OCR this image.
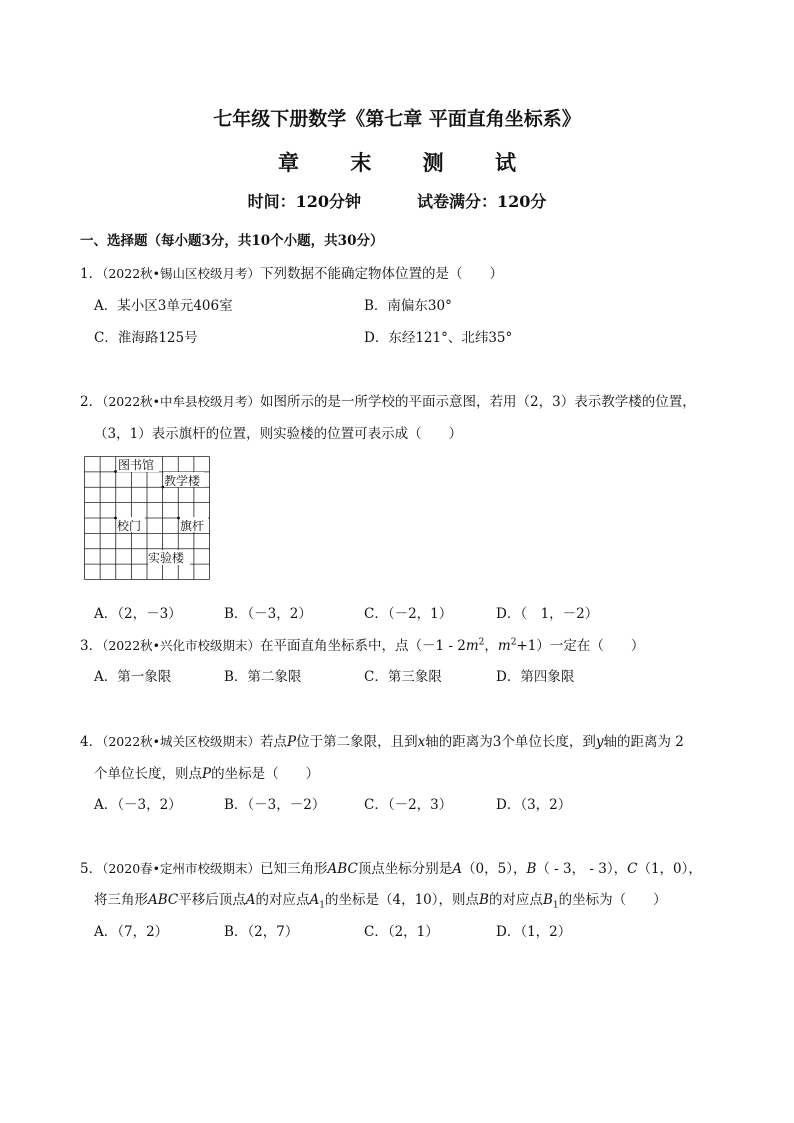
七年级下册数学《第七章 平面直角坐标系》
章 末 测 试
时间：120分钟	试卷满分：120分
一、选择题（每小题3分，共10个小题，共30分）
1．（2022秋•锡山区校级月考）下列数据不能确定物体位置的是（　　）
A．某小区3单元406室	B．南偏东30°
C．淮海路125号	D．东经121°、北纬35°
2．（2022秋•中牟县校级月考）如图所示的是一所学校的平面示意图，若用（2，3）表示教学楼的位置，
（3，1）表示旗杆的位置，则实验楼的位置可表示成（　　）
图书馆
教学楼
校门	旗杆
实验楼
A．（2，－3）	B．（－3，2）	C．（－2，1）	D．（　1，－2）
3．（2022秋•兴化市校级期末）在平面直角坐标系中，点（$-1 - 2m^2$，$m^2+1$）一定在（　　）
A．第一象限	B．第二象限	C．第三象限	D．第四象限
4．（2022秋•城关区校级期末）若点P位于第二象限，且到x轴的距离为3个单位长度，到y轴的距离为 2
个单位长度，则点P的坐标是（　　）
A．（－3，2）	B．（－3，－2）	C．（－2，3）	D．（3，2）
5．（2020春•定州市校级期末）已知三角形ABC顶点坐标分别是A（0，5），B（ - 3， - 3），C（1，0），
将三角形ABC平移后顶点A的对应点$A_1$的坐标是（4，10），则点B的对应点$B_1$的坐标为（　　）
A．（7，2）	B．（2，7）	C．（2，1）	D．（1，2）
